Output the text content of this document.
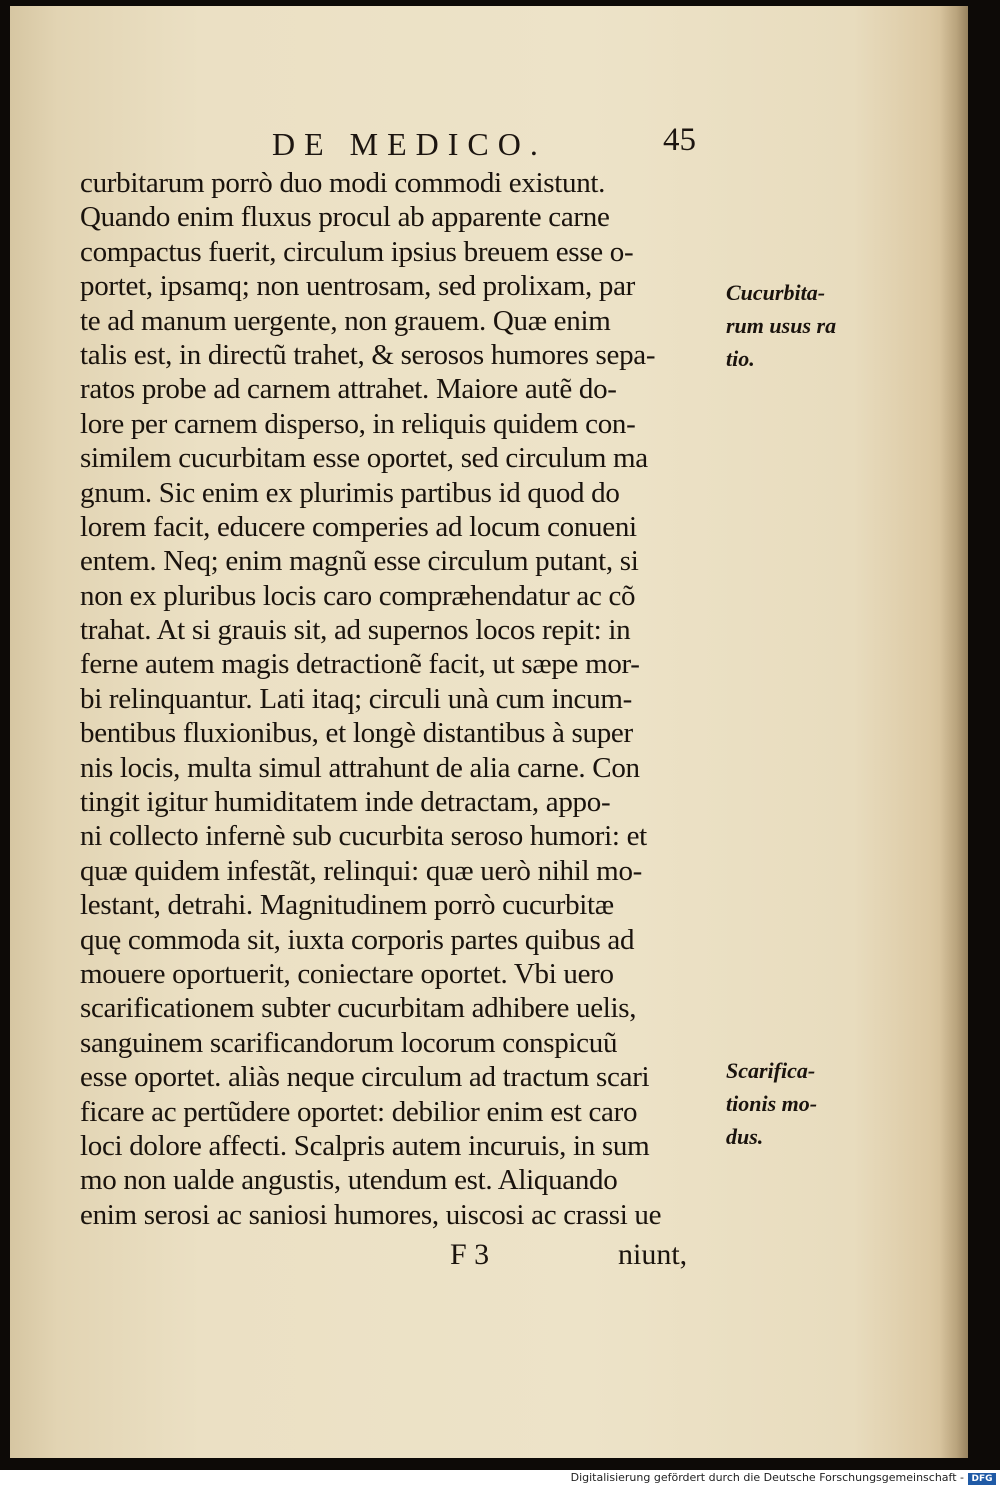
DE MEDICO.	45
curbitarum porrò duo modi commodi existunt.
Quando enim fluxus procul ab apparente carne
compactus fuerit, circulum ipsius breuem esse o-
portet, ipsamq; non uentrosam, sed prolixam, par
te ad manum uergente, non grauem. Quæ enim
talis est, in directũ trahet, & serosos humores sepa-
ratos probe ad carnem attrahet. Maiore autẽ do-
lore per carnem disperso, in reliquis quidem con-
similem cucurbitam esse oportet, sed circulum ma
gnum. Sic enim ex plurimis partibus id quod do
lorem facit, educere comperies ad locum conueni
entem. Neq; enim magnũ esse circulum putant, si
non ex pluribus locis caro compræhendatur ac cõ
trahat. At si grauis sit, ad supernos locos repit: in
ferne autem magis detractionẽ facit, ut sæpe mor-
bi relinquantur. Lati itaq; circuli unà cum incum-
bentibus fluxionibus, et longè distantibus à super
nis locis, multa simul attrahunt de alia carne. Con
tingit igitur humiditatem inde detractam, appo-
ni collecto infernè sub cucurbita seroso humori: et
quæ quidem infestãt, relinqui: quæ uerò nihil mo-
lestant, detrahi. Magnitudinem porrò cucurbitæ
quę commoda sit, iuxta corporis partes quibus ad
mouere oportuerit, coniectare oportet. Vbi uero
scarificationem subter cucurbitam adhibere uelis,
sanguinem scarificandorum locorum conspicuũ
esse oportet. aliàs neque circulum ad tractum scari
ficare ac pertũdere oportet: debilior enim est caro
loci dolore affecti. Scalpris autem incuruis, in sum
mo non ualde angustis, utendum est. Aliquando
enim serosi ac saniosi humores, uiscosi ac crassi ue
F 3	niunt,
Cucurbita-
rum usus ra
tio.
Scarifica-
tionis mo-
dus.
Digitalisierung gefördert durch die Deutsche Forschungsgemeinschaft - DFG
